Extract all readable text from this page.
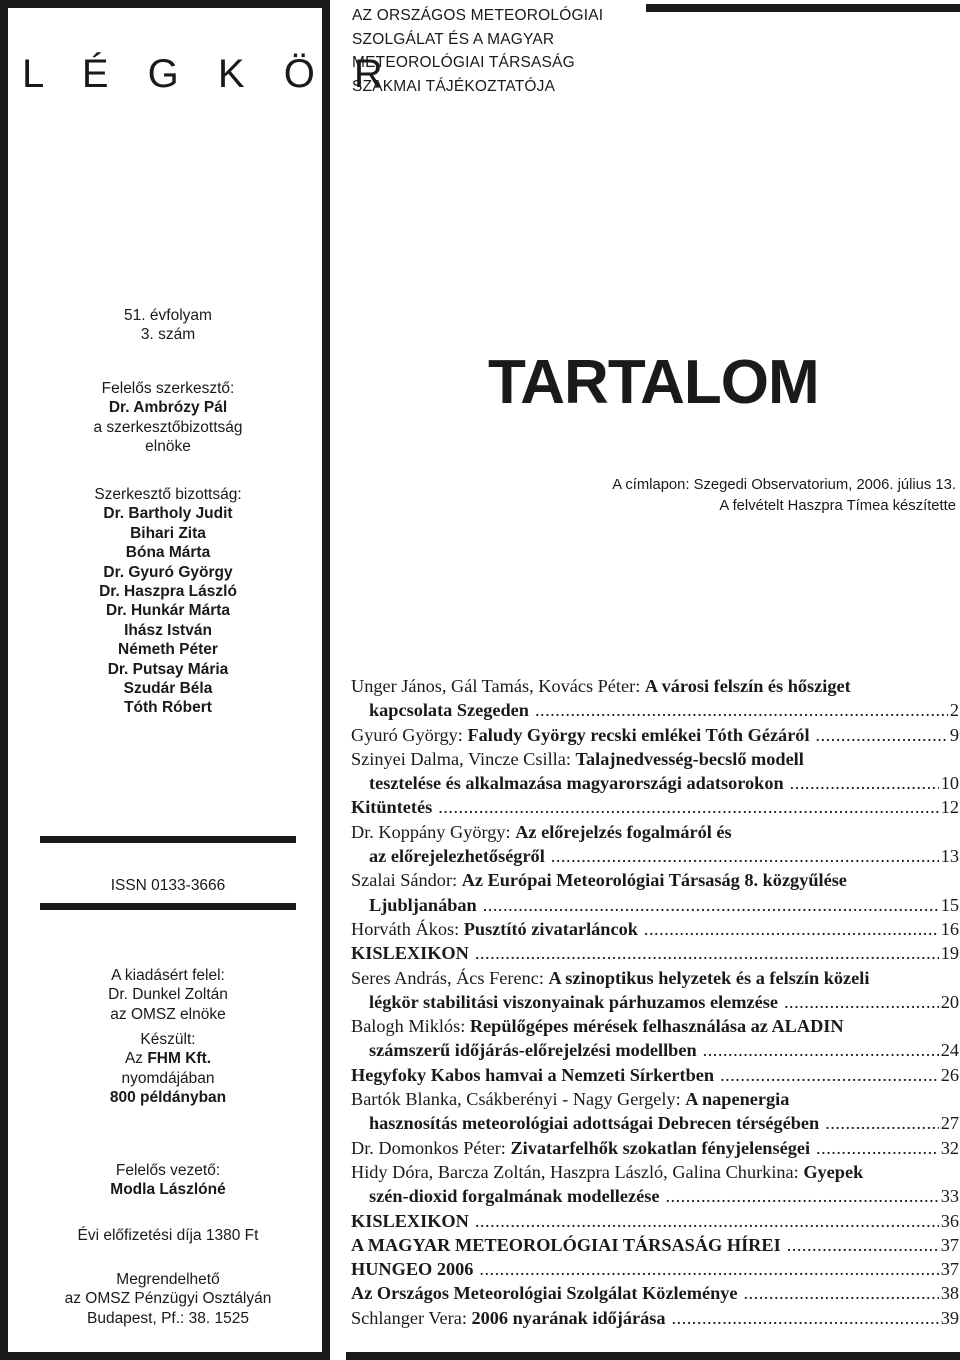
L É G K Ö R
AZ ORSZÁGOS METEOROLÓGIAI
SZOLGÁLAT ÉS A MAGYAR
METEOROLÓGIAI TÁRSASÁG
SZAKMAI TÁJÉKOZTATÓJA
51. évfolyam
3. szám
Felelős szerkesztő:
Dr. Ambrózy Pál
a szerkesztőbizottság
elnöke
Szerkesztő bizottság:
Dr. Bartholy Judit
Bihari Zita
Bóna Márta
Dr. Gyuró György
Dr. Haszpra László
Dr. Hunkár Márta
Ihász István
Németh Péter
Dr. Putsay Mária
Szudár Béla
Tóth Róbert
ISSN 0133-3666
A kiadásért felel:
Dr. Dunkel Zoltán
az OMSZ elnöke
Készült:
Az FHM Kft.
nyomdájában
800 példányban
Felelős vezető:
Modla Lászlóné
Évi előfizetési díja 1380 Ft
Megrendelhető
az OMSZ Pénzügyi Osztályán
Budapest, Pf.: 38. 1525
TARTALOM
A címlapon: Szegedi Observatorium, 2006. július 13.
A felvételt Haszpra Tímea készítette
Unger János, Gál Tamás, Kovács Péter: A városi felszín és hősziget
kapcsolata Szegeden .....	2
Gyuró György: Faludy György recski emlékei Tóth Gézáról .....	9
Szinyei Dalma, Vincze Csilla: Talajnedvesség-becslő modell
tesztelése és alkalmazása magyarországi adatsorokon .....	10
Kitüntetés .....	12
Dr. Koppány György: Az előrejelzés fogalmáról és
az előrejelezhetőségről .....	13
Szalai Sándor: Az Európai Meteorológiai Társaság 8. közgyűlése
Ljubljanában .....	15
Horváth Ákos: Pusztító zivatarláncok .....	16
KISLEXIKON .....	19
Seres András, Ács Ferenc: A szinoptikus helyzetek és a felszín közeli
légkör stabilitási viszonyainak párhuzamos elemzése .....	20
Balogh Miklós: Repülőgépes mérések felhasználása az ALADIN
számszerű időjárás-előrejelzési modellben .....	24
Hegyfoky Kabos hamvai a Nemzeti Sírkertben .....	26
Bartók Blanka, Csákberényi - Nagy Gergely: A napenergia
hasznosítás meteorológiai adottságai Debrecen térségében .....	27
Dr. Domonkos Péter: Zivatarfelhők szokatlan fényjelenségei .....	32
Hidy Dóra, Barcza Zoltán, Haszpra László, Galina Churkina: Gyepek
szén-dioxid forgalmának modellezése .....	33
KISLEXIKON .....	36
A MAGYAR METEOROLÓGIAI TÁRSASÁG HÍREI .....	37
HUNGEO 2006 .....	37
Az Országos Meteorológiai Szolgálat Közleménye .....	38
Schlanger Vera: 2006 nyarának időjárása .....	39
